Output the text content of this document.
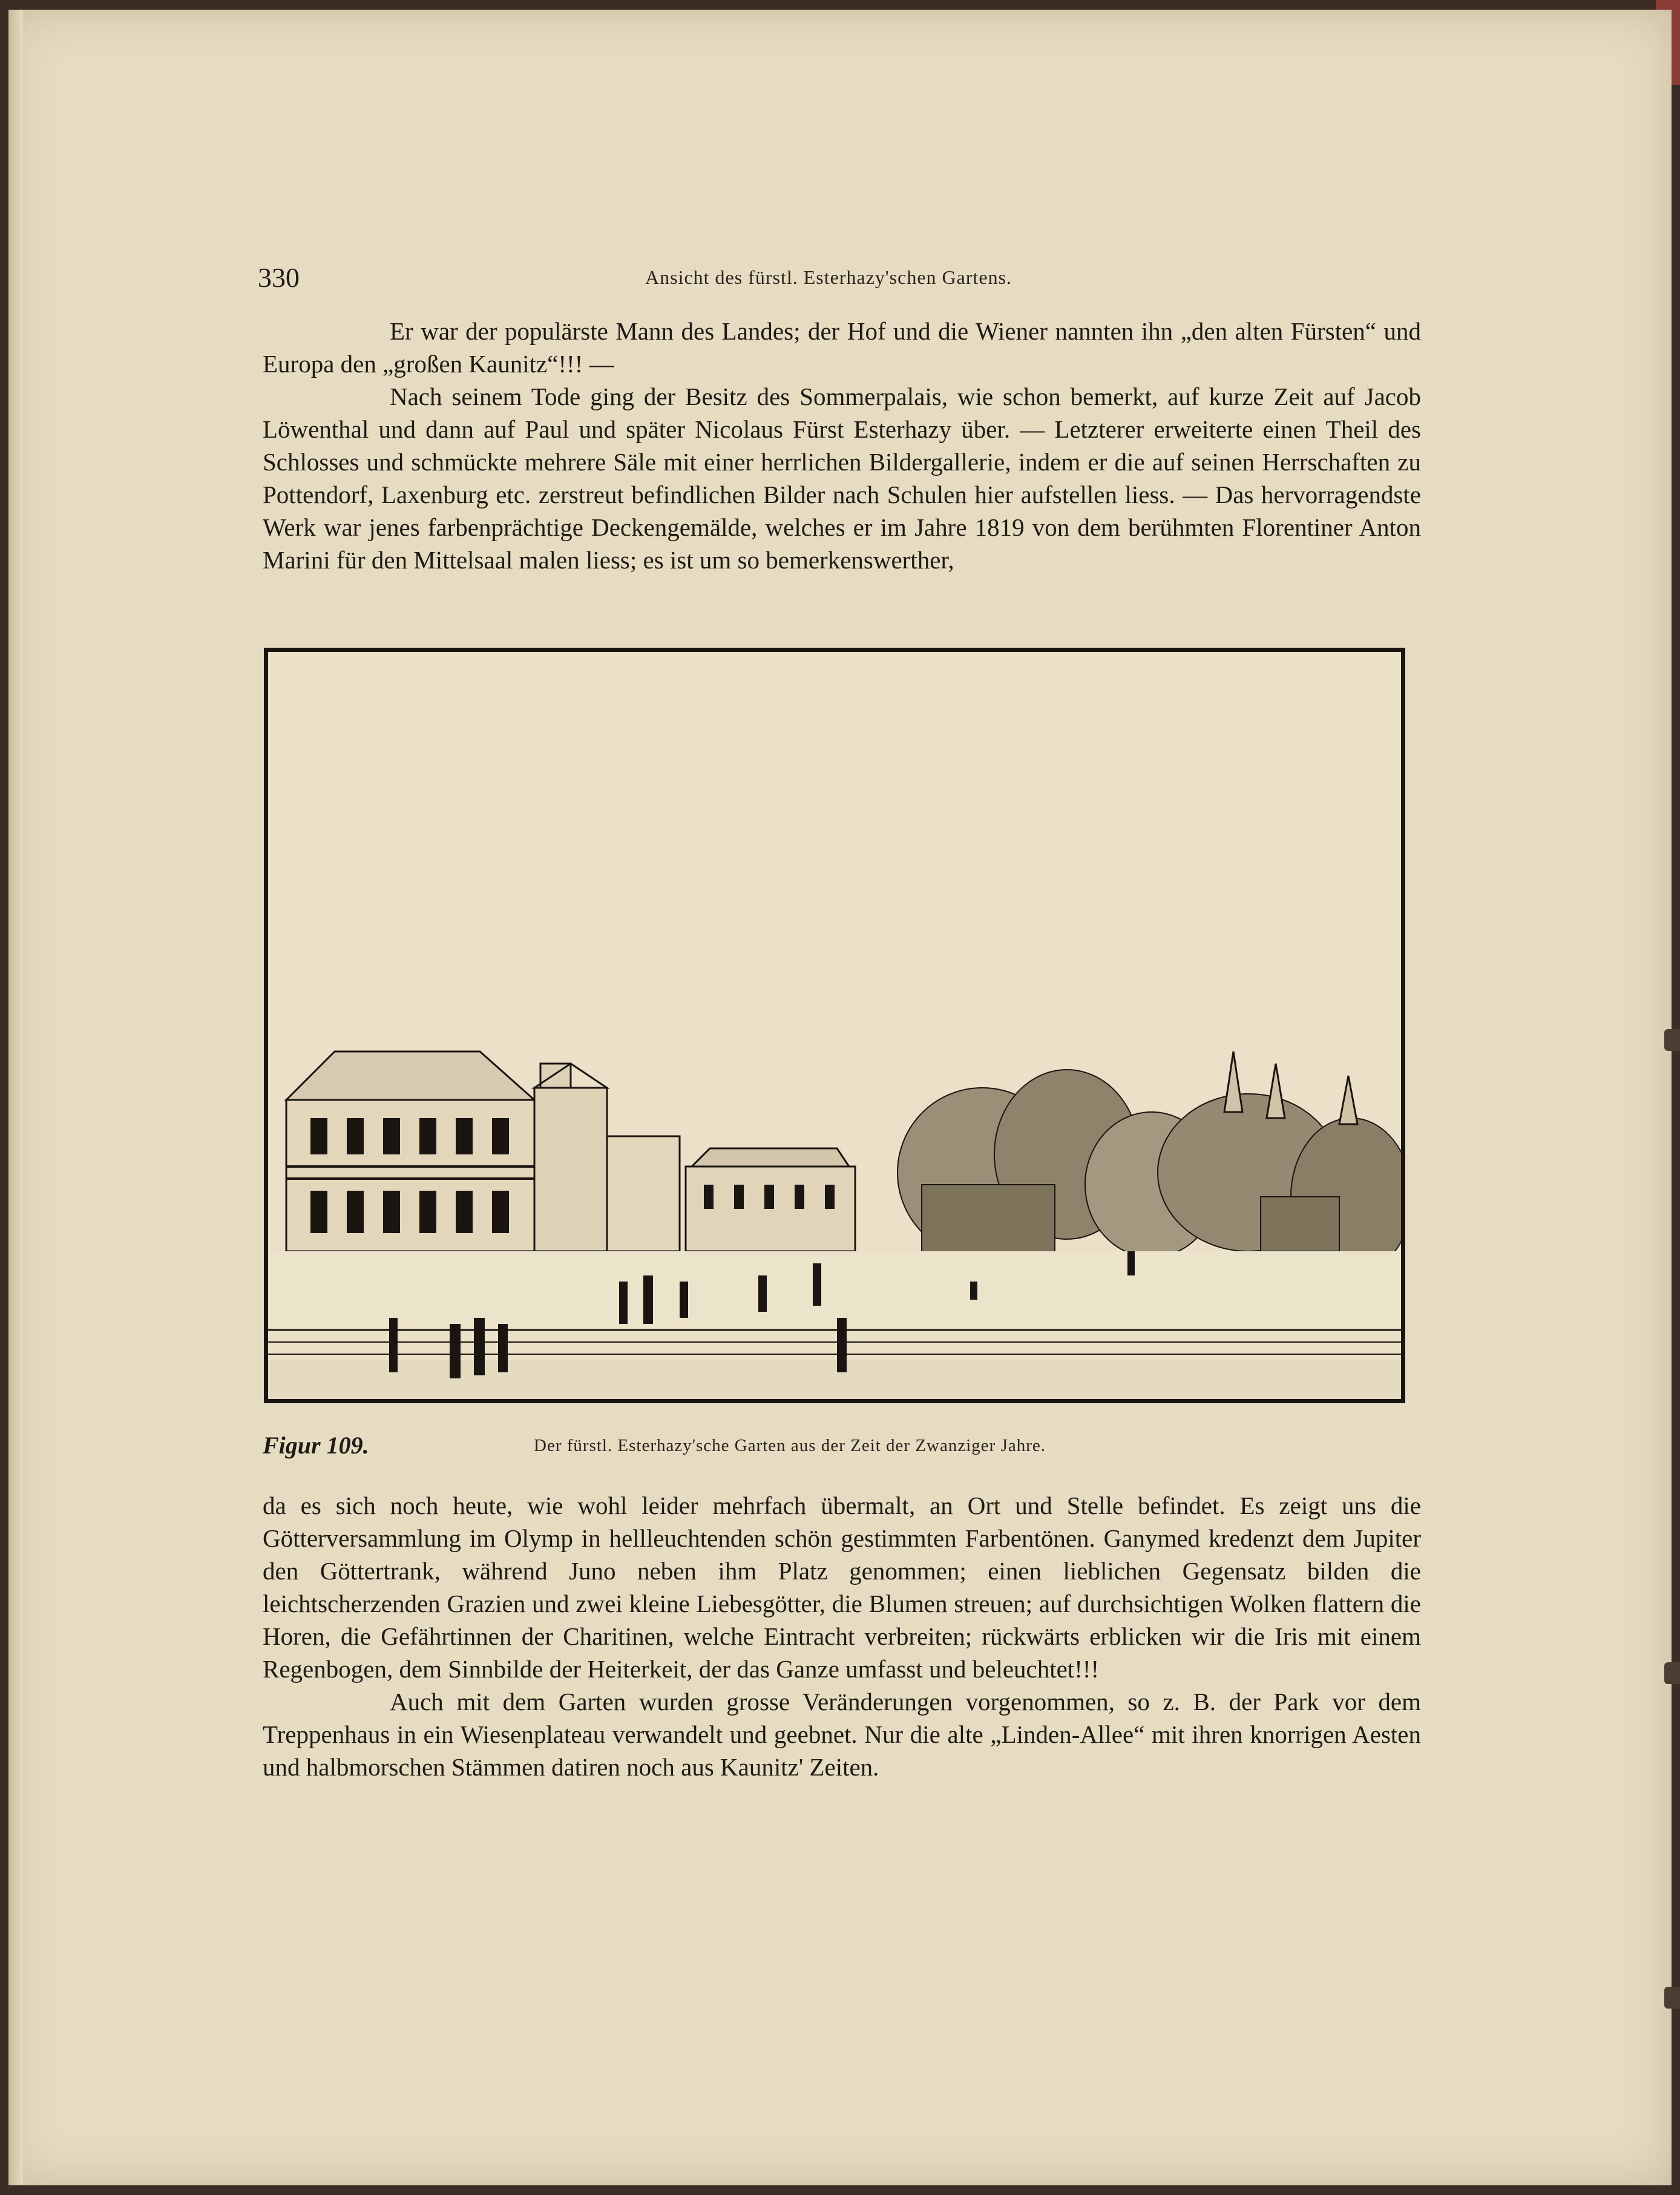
330	Ansicht des fürstl. Esterhazy'schen Gartens.

Er war der populärste Mann des Landes; der Hof und die Wiener nannten ihn „den alten Fürsten“ und Europa den „großen Kaunitz“!!! —

Nach seinem Tode ging der Besitz des Sommerpalais, wie schon bemerkt, auf kurze Zeit auf Jacob Löwenthal und dann auf Paul und später Nicolaus Fürst Esterhazy über. — Letzterer erweiterte einen Theil des Schlosses und schmückte mehrere Säle mit einer herrlichen Bildergallerie, indem er die auf seinen Herrschaften zu Pottendorf, Laxenburg etc. zerstreut befindlichen Bilder nach Schulen hier aufstellen liess. — Das hervorragendste Werk war jenes farbenprächtige Deckengemälde, welches er im Jahre 1819 von dem berühmten Florentiner Anton Marini für den Mittelsaal malen liess; es ist um so bemerkenswerther,

Figur 109.	Der fürstl. Esterhazy'sche Garten aus der Zeit der Zwanziger Jahre.

da es sich noch heute, wie wohl leider mehrfach übermalt, an Ort und Stelle befindet. Es zeigt uns die Götterversammlung im Olymp in hellleuchtenden schön gestimmten Farbentönen. Ganymed kredenzt dem Jupiter den Göttertrank, während Juno neben ihm Platz genommen; einen lieblichen Gegensatz bilden die leichtscherzenden Grazien und zwei kleine Liebesgötter, die Blumen streuen; auf durchsichtigen Wolken flattern die Horen, die Gefährtinnen der Charitinen, welche Eintracht verbreiten; rückwärts erblicken wir die Iris mit einem Regenbogen, dem Sinnbilde der Heiterkeit, der das Ganze umfasst und beleuchtet!!!

Auch mit dem Garten wurden grosse Veränderungen vorgenommen, so z. B. der Park vor dem Treppenhaus in ein Wiesenplateau verwandelt und geebnet. Nur die alte „Linden-Allee“ mit ihren knorrigen Aesten und halbmorschen Stämmen datiren noch aus Kaunitz' Zeiten.
